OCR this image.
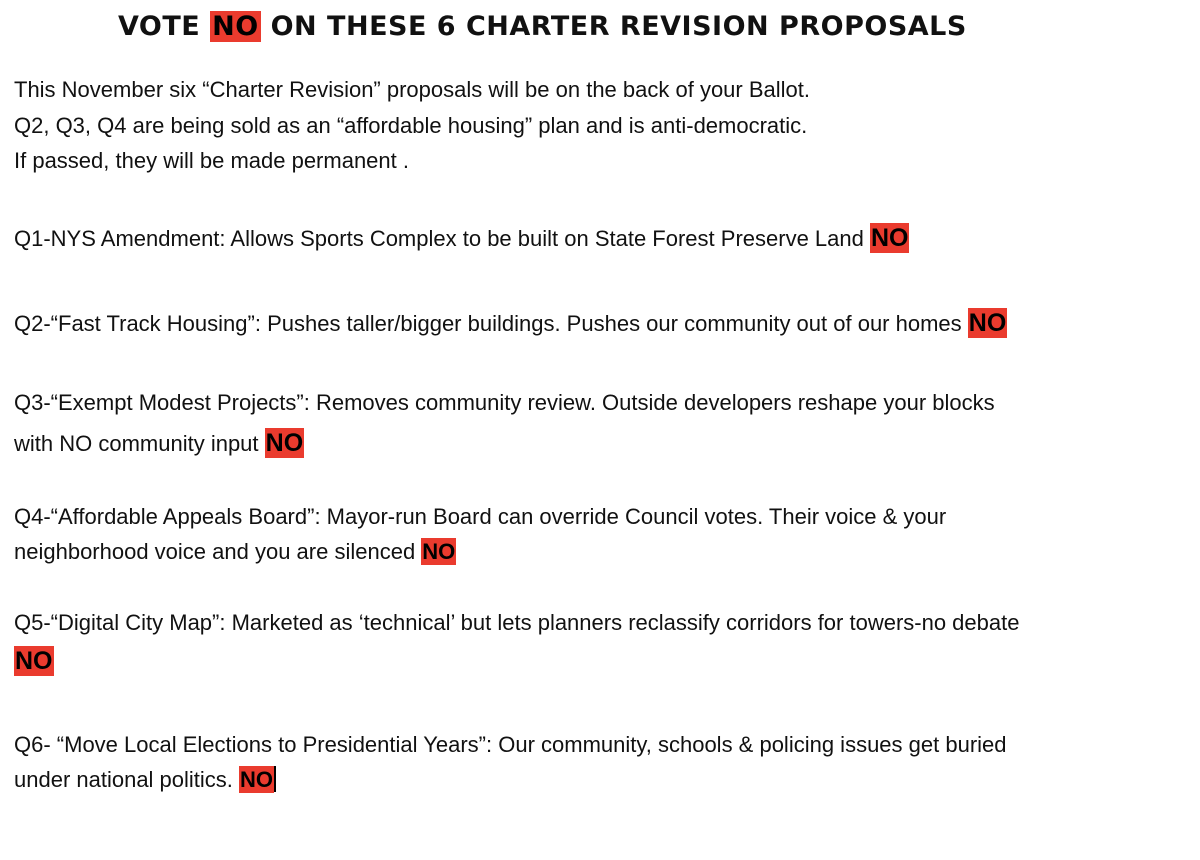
VOTE NO ON THESE 6 CHARTER REVISION PROPOSALS
This November six “Charter Revision” proposals will be on the back of your Ballot.
Q2, Q3, Q4 are being sold as an “affordable housing” plan and is anti-democratic.
If passed, they will be made permanent .
Q1-NYS Amendment: Allows Sports Complex to be built on State Forest Preserve Land NO
Q2-“Fast Track Housing”: Pushes taller/bigger buildings. Pushes our community out of our homes NO
Q3-“Exempt Modest Projects”: Removes community review. Outside developers reshape your blocks
with NO community input NO
Q4-“Affordable Appeals Board”: Mayor-run Board can override Council votes. Their voice & your
neighborhood voice and you are silenced NO
Q5-“Digital City Map”: Marketed as ‘technical’ but lets planners reclassify corridors for towers-no debate
NO
Q6- “Move Local Elections to Presidential Years”: Our community, schools & policing issues get buried
under national politics. NO
